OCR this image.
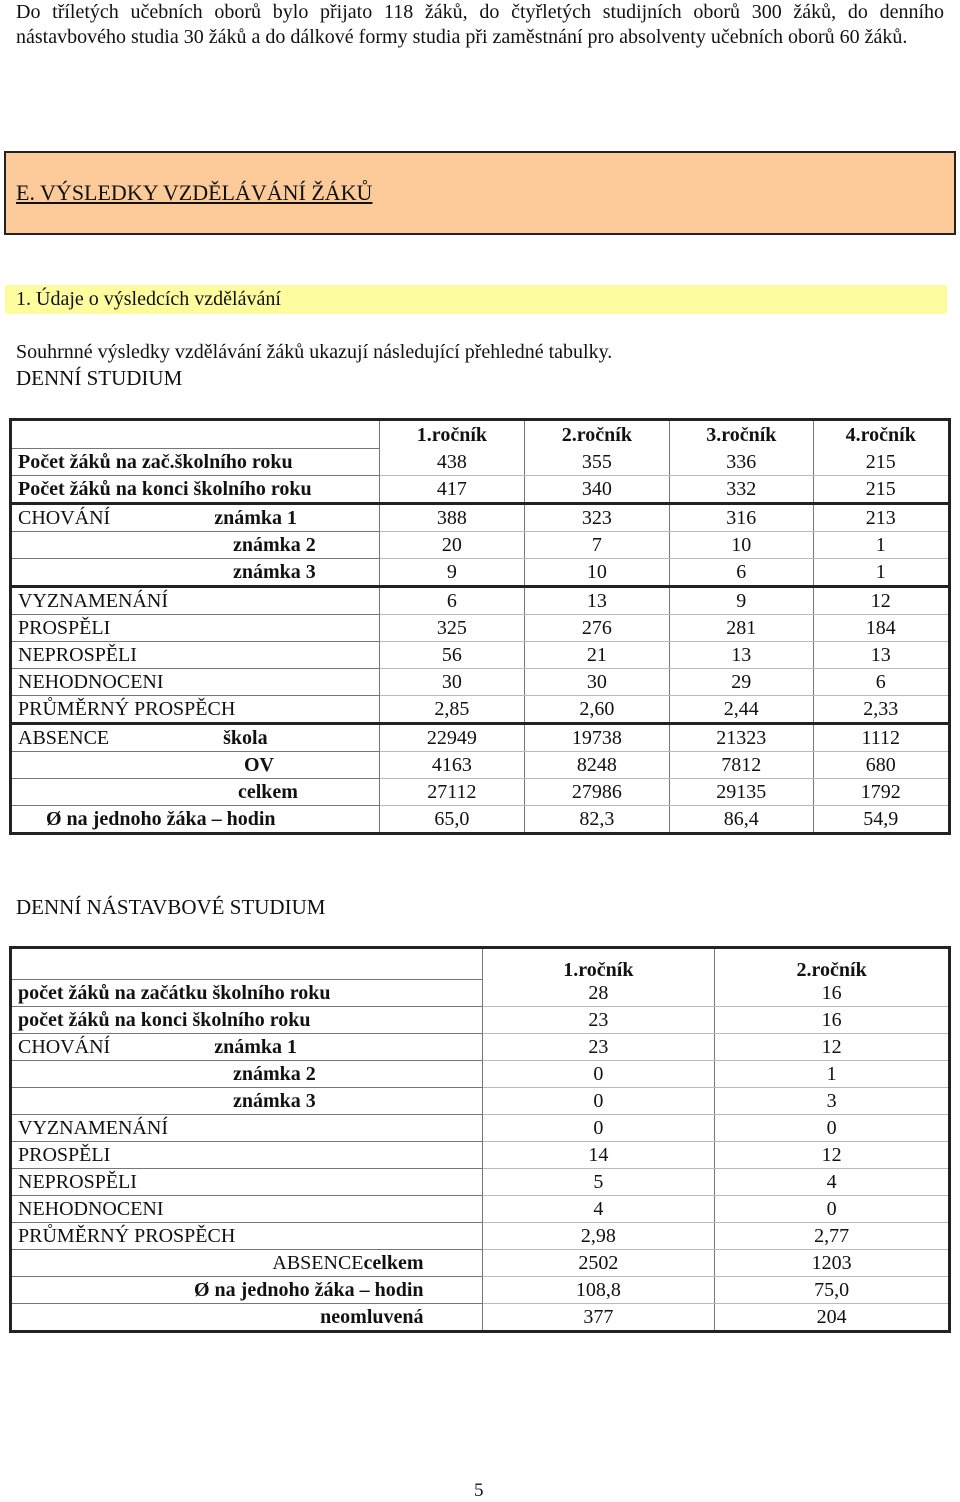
Do tříletých učebních oborů bylo přijato 118 žáků, do čtyřletých studijních oborů 300 žáků, do denního nástavbového studia 30 žáků a do dálkové formy studia při zaměstnání pro absolventy učebních oborů 60 žáků.

E. VÝSLEDKY VZDĚLÁVÁNÍ ŽÁKŮ
1. Údaje o výsledcích vzdělávání
Souhrnné výsledky vzdělávání žáků ukazují následující přehledné tabulky.
DENNÍ STUDIUM
	1.ročník	2.ročník	3.ročník	4.ročník
Počet žáků na zač.školního roku	438	355	336	215
Počet žáků na konci školního roku	417	340	332	215
CHOVÁNÍ známka 1	388	323	316	213
známka 2	20	7	10	1
známka 3	9	10	6	1
VYZNAMENÁNÍ	6	13	9	12
PROSPĚLI	325	276	281	184
NEPROSPĚLI	56	21	13	13
NEHODNOCENI	30	30	29	6
PRŮMĚRNÝ PROSPĚCH	2,85	2,60	2,44	2,33
ABSENCE škola	22949	19738	21323	1112
OV	4163	8248	7812	680
celkem	27112	27986	29135	1792
Ø na jednoho žáka – hodin	65,0	82,3	86,4	54,9
DENNÍ NÁSTAVBOVÉ STUDIUM
	1.ročník	2.ročník
počet žáků na začátku školního roku	28	16
počet žáků na konci školního roku	23	16
CHOVÁNÍ známka 1	23	12
známka 2	0	1
známka 3	0	3
VYZNAMENÁNÍ	0	0
PROSPĚLI	14	12
NEPROSPĚLI	5	4
NEHODNOCENI	4	0
PRŮMĚRNÝ PROSPĚCH	2,98	2,77
ABSENCEcelkem	2502	1203
Ø na jednoho žáka – hodin	108,8	75,0
neomluvená	377	204
5
